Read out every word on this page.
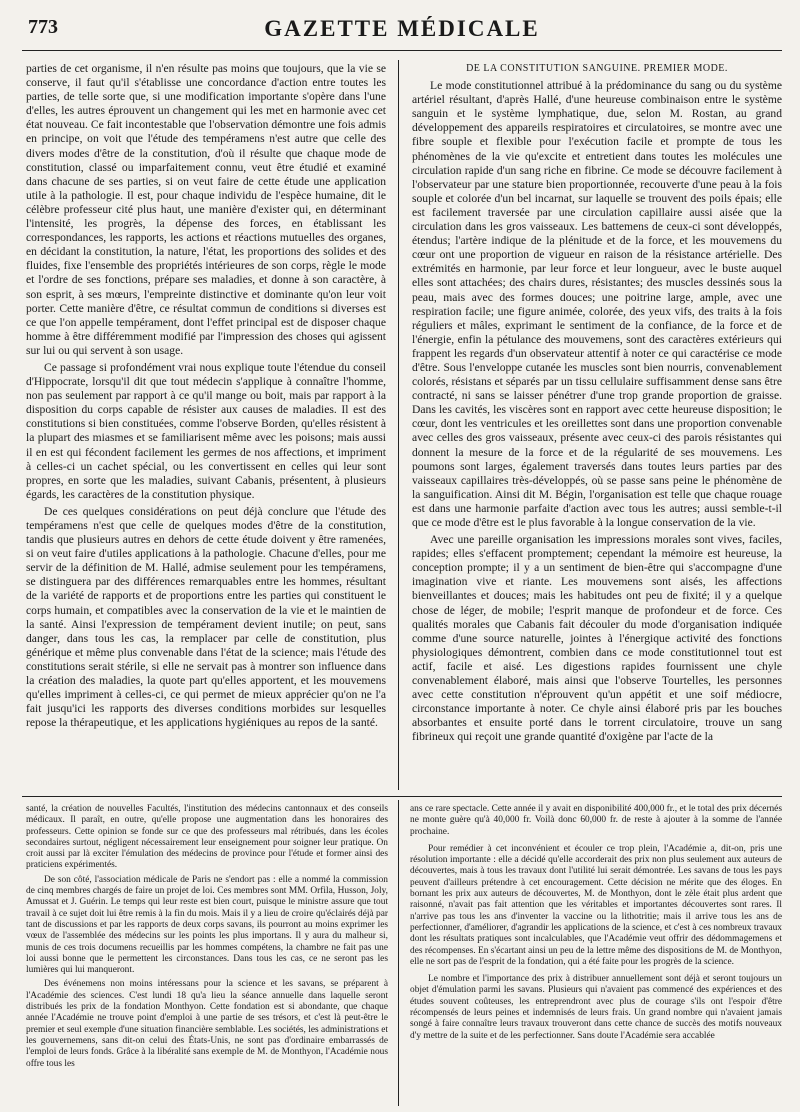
773	GAZETTE MÉDICALE

parties de cet organisme, il n'en résulte pas moins que toujours, que la vie se conserve, il faut qu'il s'établisse une concordance d'action entre toutes les parties, de telle sorte que, si une modification importante s'opère dans l'une d'elles, les autres éprouvent un changement qui les met en harmonie avec cet état nouveau. Ce fait incontestable que l'observation démontre une fois admis en principe, on voit que l'étude des tempéramens n'est autre que celle des divers modes d'être de la constitution, d'où il résulte que chaque mode de constitution, classé ou imparfaitement connu, veut être étudié et examiné dans chacune de ses parties, si on veut faire de cette étude une application utile à la pathologie. Il est, pour chaque individu de l'espèce humaine, dit le célèbre professeur cité plus haut, une manière d'exister qui, en déterminant l'intensité, les progrès, la dépense des forces, en établissant les correspondances, les rapports, les actions et réactions mutuelles des organes, en décidant la constitution, la nature, l'état, les proportions des solides et des fluides, fixe l'ensemble des propriétés intérieures de son corps, règle le mode et l'ordre de ses fonctions, prépare ses maladies, et donne à son caractère, à son esprit, à ses mœurs, l'empreinte distinctive et dominante qu'on leur voit porter. Cette manière d'être, ce résultat commun de conditions si diverses est ce que l'on appelle tempérament, dont l'effet principal est de disposer chaque homme à être différemment modifié par l'impression des choses qui agissent sur lui ou qui servent à son usage.

Ce passage si profondément vrai nous explique toute l'étendue du conseil d'Hippocrate, lorsqu'il dit que tout médecin s'applique à connaître l'homme, non pas seulement par rapport à ce qu'il mange ou boit, mais par rapport à la disposition du corps capable de résister aux causes de maladies. Il est des constitutions si bien constituées, comme l'observe Borden, qu'elles résistent à la plupart des miasmes et se familiarisent même avec les poisons; mais aussi il en est qui fécondent facilement les germes de nos affections, et impriment à celles-ci un cachet spécial, ou les convertissent en celles qui leur sont propres, en sorte que les maladies, suivant Cabanis, présentent, à plusieurs égards, les caractères de la constitution physique.

De ces quelques considérations on peut déjà conclure que l'étude des tempéramens n'est que celle de quelques modes d'être de la constitution, tandis que plusieurs autres en dehors de cette étude doivent y être ramenées, si on veut faire d'utiles applications à la pathologie. Chacune d'elles, pour me servir de la définition de M. Hallé, admise seulement pour les tempéramens, se distinguera par des différences remarquables entre les hommes, résultant de la variété de rapports et de proportions entre les parties qui constituent le corps humain, et compatibles avec la conservation de la vie et le maintien de la santé. Ainsi l'expression de tempérament devient inutile; on peut, sans danger, dans tous les cas, la remplacer par celle de constitution, plus générique et même plus convenable dans l'état de la science; mais l'étude des constitutions serait stérile, si elle ne servait pas à montrer son influence dans la création des maladies, la quote part qu'elles apportent, et les mouvemens qu'elles impriment à celles-ci, ce qui permet de mieux apprécier qu'on ne l'a fait jusqu'ici les rapports des diverses conditions morbides sur lesquelles repose la thérapeutique, et les applications hygiéniques au repos de la santé.

DE LA CONSTITUTION SANGUINE. PREMIER MODE.

Le mode constitutionnel attribué à la prédominance du sang ou du système artériel résultant, d'après Hallé, d'une heureuse combinaison entre le système sanguin et le système lymphatique, due, selon M. Rostan, au grand développement des appareils respiratoires et circulatoires, se montre avec une fibre souple et flexible pour l'exécution facile et prompte de tous les phénomènes de la vie qu'excite et entretient dans toutes les molécules une circulation rapide d'un sang riche en fibrine. Ce mode se découvre facilement à l'observateur par une stature bien proportionnée, recouverte d'une peau à la fois souple et colorée d'un bel incarnat, sur laquelle se trouvent des poils épais; elle est facilement traversée par une circulation capillaire aussi aisée que la circulation dans les gros vaisseaux. Les battemens de ceux-ci sont développés, étendus; l'artère indique de la plénitude et de la force, et les mouvemens du cœur ont une proportion de vigueur en raison de la résistance artérielle. Des extrémités en harmonie, par leur force et leur longueur, avec le buste auquel elles sont attachées; des chairs dures, résistantes; des muscles dessinés sous la peau, mais avec des formes douces; une poitrine large, ample, avec une respiration facile; une figure animée, colorée, des yeux vifs, des traits à la fois réguliers et mâles, exprimant le sentiment de la confiance, de la force et de l'énergie, enfin la pétulance des mouvemens, sont des caractères extérieurs qui frappent les regards d'un observateur attentif à noter ce qui caractérise ce mode d'être. Sous l'enveloppe cutanée les muscles sont bien nourris, convenablement colorés, résistans et séparés par un tissu cellulaire suffisamment dense sans être contracté, ni sans se laisser pénétrer d'une trop grande proportion de graisse. Dans les cavités, les viscères sont en rapport avec cette heureuse disposition; le cœur, dont les ventricules et les oreillettes sont dans une proportion convenable avec celles des gros vaisseaux, présente avec ceux-ci des parois résistantes qui donnent la mesure de la force et de la régularité de ses mouvemens. Les poumons sont larges, également traversés dans toutes leurs parties par des vaisseaux capillaires très-développés, où se passe sans peine le phénomène de la sanguification. Ainsi dit M. Bégin, l'organisation est telle que chaque rouage est dans une harmonie parfaite d'action avec tous les autres; aussi semble-t-il que ce mode d'être est le plus favorable à la longue conservation de la vie.

Avec une pareille organisation les impressions morales sont vives, faciles, rapides; elles s'effacent promptement; cependant la mémoire est heureuse, la conception prompte; il y a un sentiment de bien-être qui s'accompagne d'une imagination vive et riante. Les mouvemens sont aisés, les affections bienveillantes et douces; mais les habitudes ont peu de fixité; il y a quelque chose de léger, de mobile; l'esprit manque de profondeur et de force. Ces qualités morales que Cabanis fait découler du mode d'organisation indiquée comme d'une source naturelle, jointes à l'énergique activité des fonctions physiologiques démontrent, combien dans ce mode constitutionnel tout est actif, facile et aisé. Les digestions rapides fournissent une chyle convenablement élaboré, mais ainsi que l'observe Tourtelles, les personnes avec cette constitution n'éprouvent qu'un appétit et une soif médiocre, circonstance importante à noter. Ce chyle ainsi élaboré pris par les bouches absorbantes et ensuite porté dans le torrent circulatoire, trouve un sang fibrineux qui reçoit une grande quantité d'oxigène par l'acte de la

santé, la création de nouvelles Facultés, l'institution des médecins cantonnaux et des conseils médicaux. Il paraît, en outre, qu'elle propose une augmentation dans les honoraires des professeurs. Cette opinion se fonde sur ce que des professeurs mal rétribués, dans les écoles secondaires surtout, négligent nécessairement leur enseignement pour soigner leur pratique. On croit aussi par là exciter l'émulation des médecins de province pour l'étude et former ainsi des praticiens expérimentés.

De son côté, l'association médicale de Paris ne s'endort pas : elle a nommé la commission de cinq membres chargés de faire un projet de loi. Ces membres sont MM. Orfila, Husson, Joly, Amussat et J. Guérin. Le temps qui leur reste est bien court, puisque le ministre assure que tout travail à ce sujet doit lui être remis à la fin du mois. Mais il y a lieu de croire qu'éclairés déjà par tant de discussions et par les rapports de deux corps savans, ils pourront au moins exprimer les vœux de l'assemblée des médecins sur les points les plus importans. Il y aura du malheur si, munis de ces trois documens recueillis par les hommes compétens, la chambre ne fait pas une loi aussi bonne que le permettent les circonstances. Dans tous les cas, ce ne seront pas les lumières qui lui manqueront.

Des événemens non moins intéressans pour la science et les savans, se préparent à l'Académie des sciences. C'est lundi 18 qu'a lieu la séance annuelle dans laquelle seront distribués les prix de la fondation Monthyon. Cette fondation est si abondante, que chaque année l'Académie ne trouve point d'emploi à une partie de ses trésors, et c'est là peut-être le premier et seul exemple d'une situation financière semblable. Les sociétés, les administrations et les gouvernemens, sans dit-on celui des États-Unis, ne sont pas d'ordinaire embarrassés de l'emploi de leurs fonds. Grâce à la libéralité sans exemple de M. de Monthyon, l'Académie nous offre tous les

ans ce rare spectacle. Cette année il y avait en disponibilité 400,000 fr., et le total des prix décernés ne monte guère qu'à 40,000 fr. Voilà donc 60,000 fr. de reste à ajouter à la somme de l'année prochaine.

Pour remédier à cet inconvénient et écouler ce trop plein, l'Académie a, dit-on, pris une résolution importante : elle a décidé qu'elle accorderait des prix non plus seulement aux auteurs de découvertes, mais à tous les travaux dont l'utilité lui serait démontrée. Les savans de tous les pays peuvent d'ailleurs prétendre à cet encouragement. Cette décision ne mérite que des éloges. En bornant les prix aux auteurs de découvertes, M. de Monthyon, dont le zèle était plus ardent que raisonné, n'avait pas fait attention que les véritables et importantes découvertes sont rares. Il n'arrive pas tous les ans d'inventer la vaccine ou la lithotritie; mais il arrive tous les ans de perfectionner, d'améliorer, d'agrandir les applications de la science, et c'est à ces nombreux travaux dont les résultats pratiques sont incalculables, que l'Académie veut offrir des dédommagemens et des récompenses. En s'écartant ainsi un peu de la lettre même des dispositions de M. de Monthyon, elle ne sort pas de l'esprit de la fondation, qui a été faite pour les progrès de la science.

Le nombre et l'importance des prix à distribuer annuellement sont déjà et seront toujours un objet d'émulation parmi les savans. Plusieurs qui n'avaient pas commencé des expériences et des études souvent coûteuses, les entreprendront avec plus de courage s'ils ont l'espoir d'être récompensés de leurs peines et indemnisés de leurs frais. Un grand nombre qui n'avaient jamais songé à faire connaître leurs travaux trouveront dans cette chance de succès des motifs nouveaux d'y mettre de la suite et de les perfectionner. Sans doute l'Académie sera accablée
